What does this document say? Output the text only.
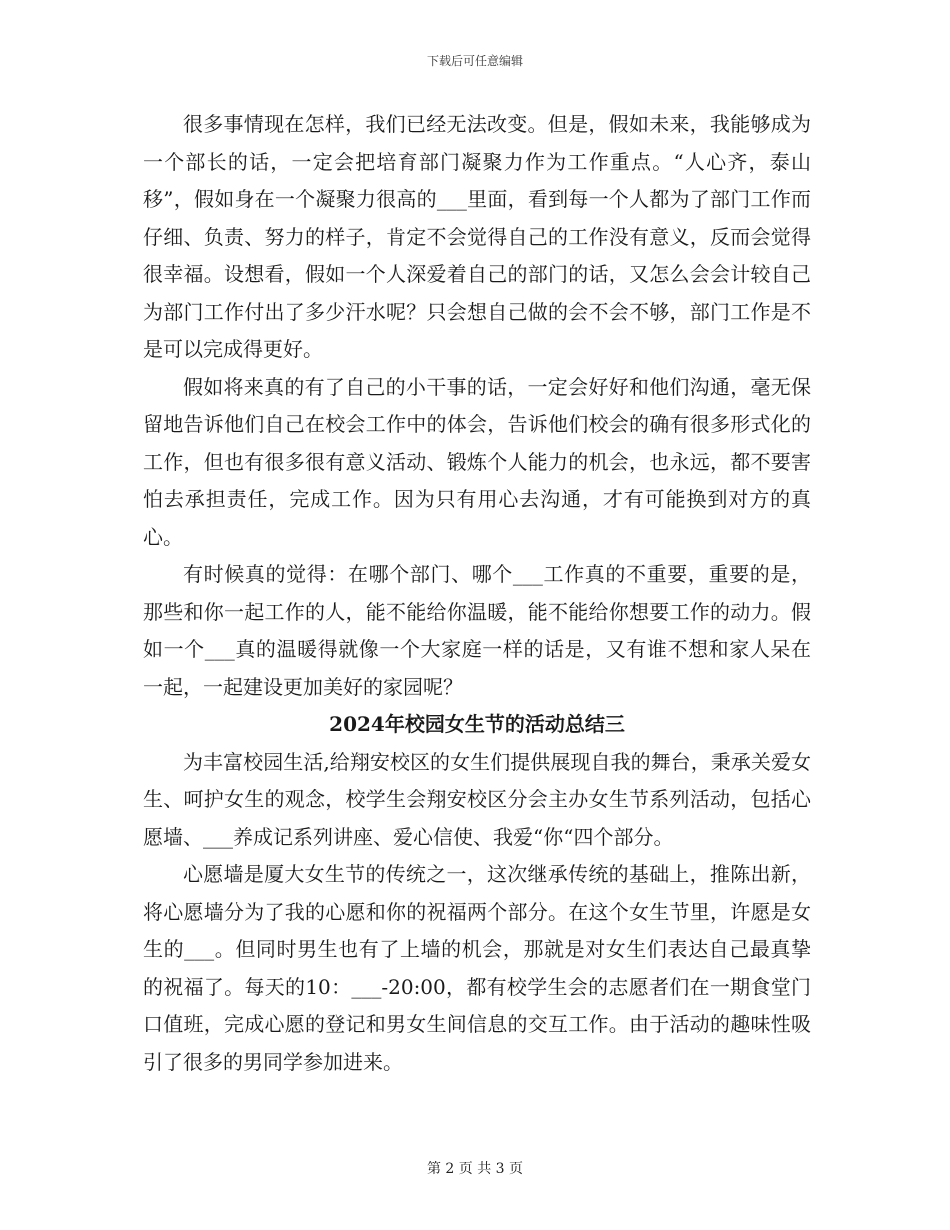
下载后可任意编辑

很多事情现在怎样，我们已经无法改变。但是，假如未来，我能够成为一个部长的话，一定会把培育部门凝聚力作为工作重点。“人心齐，泰山移”，假如身在一个凝聚力很高的___里面，看到每一个人都为了部门工作而仔细、负责、努力的样子，肯定不会觉得自己的工作没有意义，反而会觉得很幸福。设想看，假如一个人深爱着自己的部门的话，又怎么会会计较自己为部门工作付出了多少汗水呢？只会想自己做的会不会不够，部门工作是不是可以完成得更好。

假如将来真的有了自己的小干事的话，一定会好好和他们沟通，毫无保留地告诉他们自己在校会工作中的体会，告诉他们校会的确有很多形式化的工作，但也有很多很有意义活动、锻炼个人能力的机会，也永远，都不要害怕去承担责任，完成工作。因为只有用心去沟通，才有可能换到对方的真心。

有时候真的觉得：在哪个部门、哪个___工作真的不重要，重要的是，那些和你一起工作的人，能不能给你温暖，能不能给你想要工作的动力。假如一个___真的温暖得就像一个大家庭一样的话是，又有谁不想和家人呆在一起，一起建设更加美好的家园呢？

2024年校园女生节的活动总结三

为丰富校园生活,给翔安校区的女生们提供展现自我的舞台，秉承关爱女生、呵护女生的观念，校学生会翔安校区分会主办女生节系列活动，包括心愿墙、___养成记系列讲座、爱心信使、我爱“你“四个部分。

心愿墙是厦大女生节的传统之一，这次继承传统的基础上，推陈出新，将心愿墙分为了我的心愿和你的祝福两个部分。在这个女生节里，许愿是女生的___。但同时男生也有了上墙的机会，那就是对女生们表达自己最真挚的祝福了。每天的10：___-20:00，都有校学生会的志愿者们在一期食堂门口值班，完成心愿的登记和男女生间信息的交互工作。由于活动的趣味性吸引了很多的男同学参加进来。

第 2 页 共 3 页
